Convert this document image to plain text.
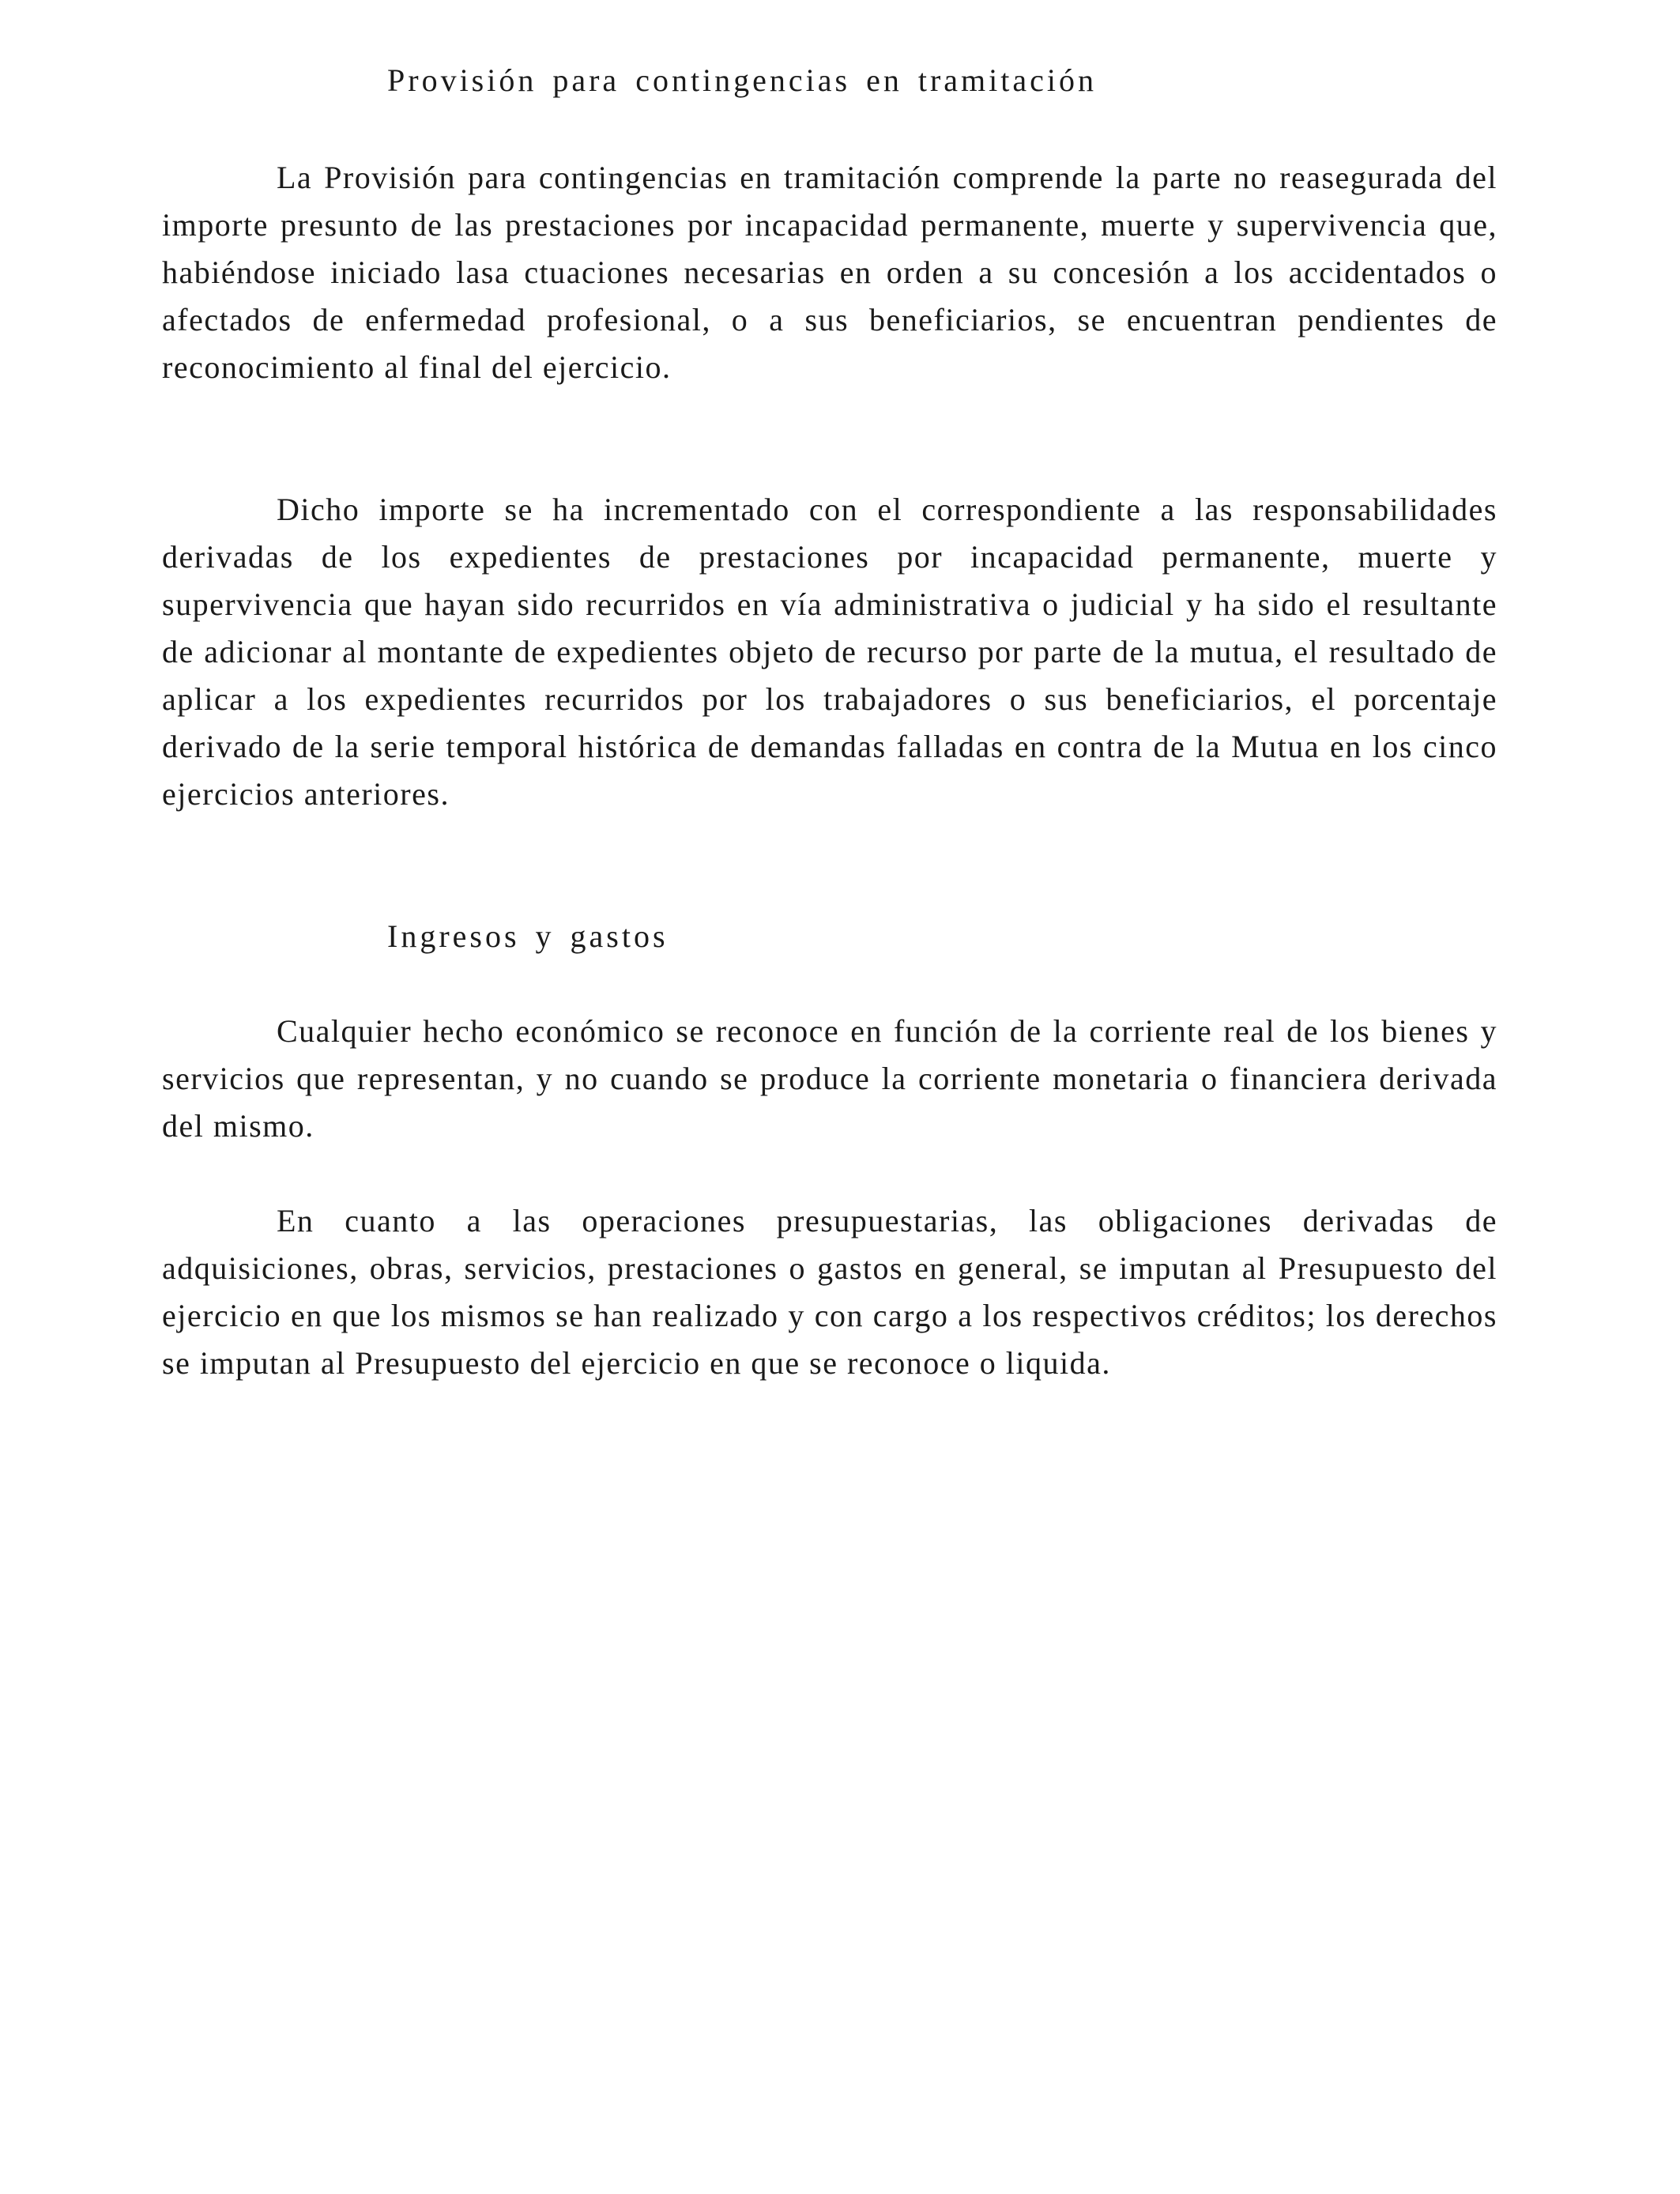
Provisión para contingencias en tramitación

La Provisión para contingencias en tramitación comprende la parte no reasegurada del importe presunto de las prestaciones por incapacidad permanente, muerte y supervivencia que, habiéndose iniciado lasa ctuaciones necesarias en orden a su concesión a los accidentados o afectados de enfermedad profesional, o a sus beneficiarios, se encuentran pendientes de reconocimiento al final del ejercicio.

Dicho importe se ha incrementado con el correspondiente a las responsabilidades derivadas de los expedientes de prestaciones por incapacidad permanente, muerte y supervivencia que hayan sido recurridos en vía administrativa o judicial y ha sido el resultante de adicionar al montante de expedientes objeto de recurso por parte de la mutua, el resultado de aplicar a los expedientes recurridos por los trabajadores o sus beneficiarios, el porcentaje derivado de la serie temporal histórica de demandas falladas en contra de la Mutua en los cinco ejercicios anteriores.

Ingresos y gastos

Cualquier hecho económico se reconoce en función de la corriente real de los bienes y servicios que representan, y no cuando se produce la corriente monetaria o financiera derivada del mismo.

En cuanto a las operaciones presupuestarias, las obligaciones derivadas de adquisiciones, obras, servicios, prestaciones o gastos en general, se imputan al Presupuesto del ejercicio en que los mismos se han realizado y con cargo a los respectivos créditos; los derechos se imputan al Presupuesto del ejercicio en que se reconoce o liquida.
